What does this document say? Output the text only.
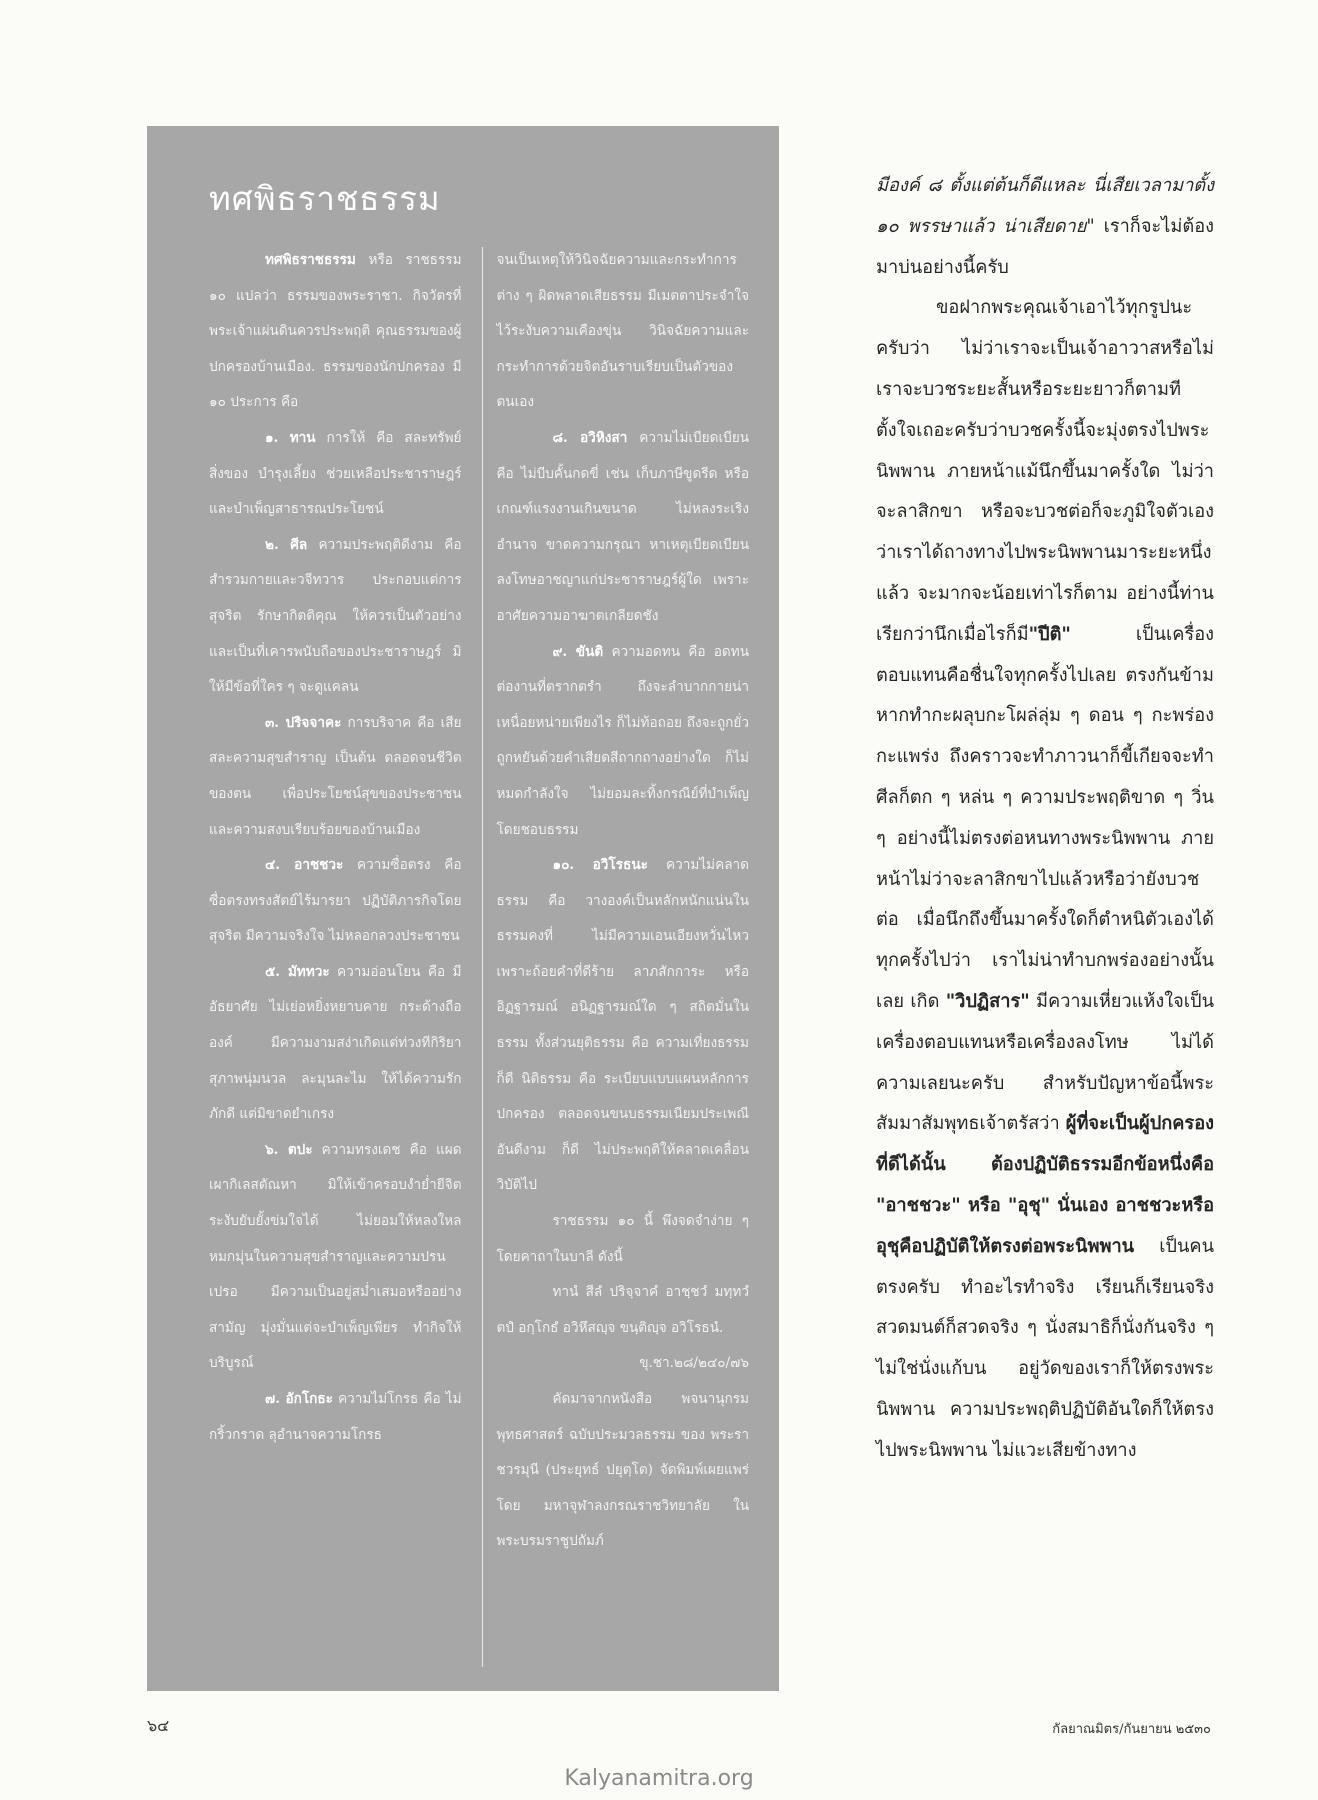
ทศพิธราชธรรม

ทศพิธราชธรรม หรือ ราชธรรม ๑๐ แปลว่า ธรรมของพระราชา. กิจวัตรที่พระเจ้าแผ่นดินควรประพฤติ คุณธรรมของผู้ปกครองบ้านเมือง. ธรรมของนักปกครอง มี ๑๐ ประการ คือ

๑. ทาน การให้ คือ สละทรัพย์สิ่งของ บำรุงเลี้ยง ช่วยเหลือประชาราษฎร์ และบำเพ็ญสาธารณประโยชน์

๒. ศีล ความประพฤติดีงาม คือ สำรวมกายและวจีทวาร ประกอบแต่การสุจริต รักษากิตติคุณ ให้ควรเป็นตัวอย่าง และเป็นที่เคารพนับถือของประชาราษฎร์ มิให้มีข้อที่ใคร ๆ จะดูแคลน

๓. ปริจจาคะ การบริจาค คือ เสียสละความสุขสำราญ เป็นต้น ตลอดจนชีวิตของตน เพื่อประโยชน์สุขของประชาชน และความสงบเรียบร้อยของบ้านเมือง

๔. อาชชวะ ความซื่อตรง คือ ซื่อตรงทรงสัตย์ไร้มารยา ปฏิบัติภารกิจโดยสุจริต มีความจริงใจ ไม่หลอกลวงประชาชน

๕. มัททวะ ความอ่อนโยน คือ มีอัธยาศัย ไม่เย่อหยิ่งหยาบคาย กระด้างถือองค์ มีความงามสง่าเกิดแต่ท่วงทีกิริยาสุภาพนุ่มนวล ละมุนละไม ให้ได้ความรักภักดี แต่มิขาดยำเกรง

๖. ตปะ ความทรงเดช คือ แผดเผากิเลสตัณหา มิให้เข้าครอบงำย่ำยีจิต ระงับยับยั้งข่มใจได้ ไม่ยอมให้หลงใหลหมกมุ่นในความสุขสำราญและความปรนเปรอ มีความเป็นอยู่สม่ำเสมอหรืออย่างสามัญ มุ่งมั่นแต่จะบำเพ็ญเพียร ทำกิจให้บริบูรณ์

๗. อักโกธะ ความไม่โกรธ คือ ไม่กริ้วกราด ลุอำนาจความโกรธ

จนเป็นเหตุให้วินิจฉัยความและกระทำการต่าง ๆ ผิดพลาดเสียธรรม มีเมตตาประจำใจไว้ระงับความเคืองขุ่น วินิจฉัยความและกระทำการด้วยจิตอันราบเรียบเป็นตัวของตนเอง

๘. อวิหิงสา ความไม่เบียดเบียน คือ ไม่บีบคั้นกดขี่ เช่น เก็บภาษีขูดรีด หรือเกณฑ์แรงงานเกินขนาด ไม่หลงระเริงอำนาจ ขาดความกรุณา หาเหตุเบียดเบียนลงโทษอาชญาแก่ประชาราษฎร์ผู้ใด เพราะอาศัยความอาฆาตเกลียดชัง

๙. ขันติ ความอดทน คือ อดทนต่องานที่ตรากตรำ ถึงจะลำบากกายน่าเหนื่อยหน่ายเพียงไร ก็ไม่ท้อถอย ถึงจะถูกยั่วถูกหยันด้วยคำเสียดสีถากถางอย่างใด ก็ไม่หมดกำลังใจ ไม่ยอมละทิ้งกรณีย์ที่บำเพ็ญโดยชอบธรรม

๑๐. อวิโรธนะ ความไม่คลาดธรรม คือ วางองค์เป็นหลักหนักแน่นในธรรมคงที่ ไม่มีความเอนเอียงหวั่นไหวเพราะถ้อยคำที่ดีร้าย ลาภสักการะ หรืออิฏฐารมณ์ อนิฏฐารมณ์ใด ๆ สถิตมั่นในธรรม ทั้งส่วนยุติธรรม คือ ความเที่ยงธรรม ก็ดี นิติธรรม คือ ระเบียบแบบแผนหลักการปกครอง ตลอดจนขนบธรรมเนียมประเพณีอันดีงาม ก็ดี ไม่ประพฤติให้คลาดเคลื่อนวิบัติไป

ราชธรรม ๑๐ นี้ พึงจดจำง่าย ๆ โดยคาถาในบาลี ดังนี้

ทานํ สีลํ ปริจฺจาคํ อาชฺชวํ มทฺทวํ ตปํ อกฺโกธํ อวิหึสญฺจ ขนฺติญฺจ อวิโรธนํ.

ขุ.ชา.๒๘/๒๔๐/๗๖

คัดมาจากหนังสือ พจนานุกรมพุทธศาสตร์ ฉบับประมวลธรรม ของ พระราชวรมุนี (ประยุทธ์ ปยุตฺโต) จัดพิมพ์เผยแพร่โดย มหาจุฬาลงกรณราชวิทยาลัย ในพระบรมราชูปถัมภ์

มีองค์ ๘ ตั้งแต่ต้นก็ดีแหละ นี่เสียเวลามาตั้ง ๑๐ พรรษาแล้ว น่าเสียดาย" เราก็จะไม่ต้องมาบ่นอย่างนี้ครับ

ขอฝากพระคุณเจ้าเอาไว้ทุกรูปนะครับว่า ไม่ว่าเราจะเป็นเจ้าอาวาสหรือไม่ เราจะบวชระยะสั้นหรือระยะยาวก็ตามที ตั้งใจเถอะครับว่าบวชครั้งนี้จะมุ่งตรงไปพระนิพพาน ภายหน้าแม้นึกขึ้นมาครั้งใด ไม่ว่าจะลาสิกขา หรือจะบวชต่อก็จะภูมิใจตัวเองว่าเราได้ถางทางไปพระนิพพานมาระยะหนึ่งแล้ว จะมากจะน้อยเท่าไรก็ตาม อย่างนี้ท่านเรียกว่านึกเมื่อไรก็มี"ปีติ" เป็นเครื่องตอบแทนคือชื่นใจทุกครั้งไปเลย ตรงกันข้ามหากทำกะผลุบกะโผล่ลุ่ม ๆ ดอน ๆ กะพร่องกะแพร่ง ถึงคราวจะทำภาวนาก็ขี้เกียจจะทำ ศีลก็ตก ๆ หล่น ๆ ความประพฤติขาด ๆ วิ่น ๆ อย่างนี้ไม่ตรงต่อหนทางพระนิพพาน ภายหน้าไม่ว่าจะลาสิกขาไปแล้วหรือว่ายังบวชต่อ เมื่อนึกถึงขึ้นมาครั้งใดก็ตำหนิตัวเองได้ทุกครั้งไปว่า เราไม่น่าทำบกพร่องอย่างนั้นเลย เกิด "วิปฏิสาร" มีความเหี่ยวแห้งใจเป็นเครื่องตอบแทนหรือเครื่องลงโทษ ไม่ได้ความเลยนะครับ สำหรับปัญหาข้อนี้พระสัมมาสัมพุทธเจ้าตรัสว่า ผู้ที่จะเป็นผู้ปกครองที่ดีได้นั้น ต้องปฏิบัติธรรมอีกข้อหนึ่งคือ "อาชชวะ" หรือ "อุชุ" นั่นเอง อาชชวะหรืออุชุคือปฏิบัติให้ตรงต่อพระนิพพาน เป็นคนตรงครับ ทำอะไรทำจริง เรียนก็เรียนจริง สวดมนต์ก็สวดจริง ๆ นั่งสมาธิก็นั่งกันจริง ๆ ไม่ใช่นั่งแก้บน อยู่วัดของเราก็ให้ตรงพระนิพพาน ความประพฤติปฏิบัติอันใดก็ให้ตรงไปพระนิพพาน ไม่แวะเสียข้างทาง

๖๔	กัลยาณมิตร/กันยายน ๒๕๓๐
Kalyanamitra.org
